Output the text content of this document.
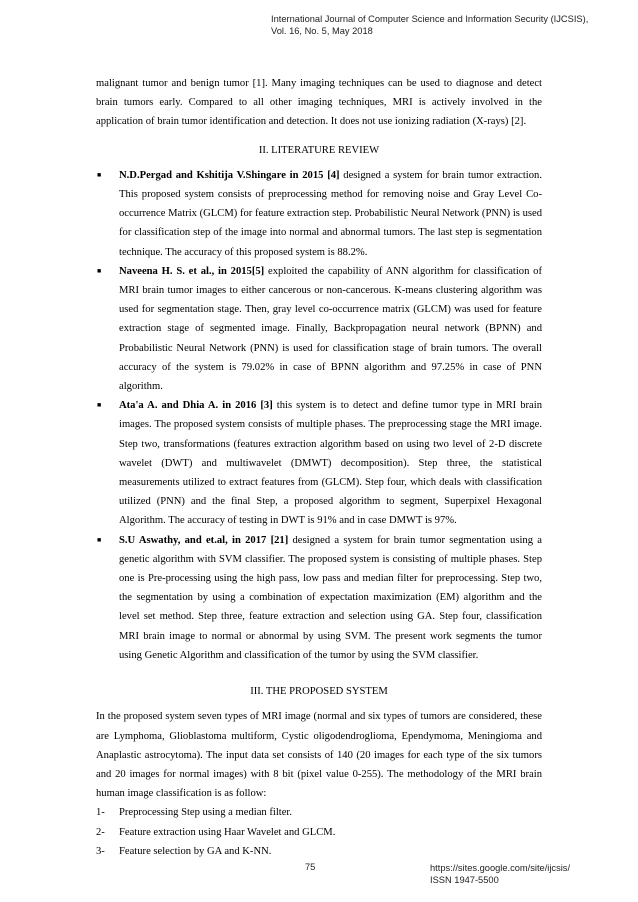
International Journal of Computer Science and Information Security (IJCSIS),
Vol. 16, No. 5, May 2018

malignant tumor and benign tumor [1]. Many imaging techniques can be used to diagnose and detect brain tumors early. Compared to all other imaging techniques, MRI is actively involved in the application of brain tumor identification and detection. It does not use ionizing radiation (X-rays) [2].

II. LITERATURE REVIEW
■ N.D.Pergad and Kshitija V.Shingare in 2015 [4] designed a system for brain tumor extraction. This proposed system consists of preprocessing method for removing noise and Gray Level Co-occurrence Matrix (GLCM) for feature extraction step. Probabilistic Neural Network (PNN) is used for classification step of the image into normal and abnormal tumors. The last step is segmentation technique. The accuracy of this proposed system is 88.2%.
■ Naveena H. S. et al., in 2015[5] exploited the capability of ANN algorithm for classification of MRI brain tumor images to either cancerous or non-cancerous. K-means clustering algorithm was used for segmentation stage. Then, gray level co-occurrence matrix (GLCM) was used for feature extraction stage of segmented image. Finally, Backpropagation neural network (BPNN) and Probabilistic Neural Network (PNN) is used for classification stage of brain tumors. The overall accuracy of the system is 79.02% in case of BPNN algorithm and 97.25% in case of PNN algorithm.
■ Ata'a A. and Dhia A. in 2016 [3] this system is to detect and define tumor type in MRI brain images. The proposed system consists of multiple phases. The preprocessing stage the MRI image. Step two, transformations (features extraction algorithm based on using two level of 2-D discrete wavelet (DWT) and multiwavelet (DMWT) decomposition). Step three, the statistical measurements utilized to extract features from (GLCM). Step four, which deals with classification utilized (PNN) and the final Step, a proposed algorithm to segment, Superpixel Hexagonal Algorithm. The accuracy of testing in DWT is 91% and in case DMWT is 97%.
■ S.U Aswathy, and et.al, in 2017 [21] designed a system for brain tumor segmentation using a genetic algorithm with SVM classifier. The proposed system is consisting of multiple phases. Step one is Pre-processing using the high pass, low pass and median filter for preprocessing. Step two, the segmentation by using a combination of expectation maximization (EM) algorithm and the level set method. Step three, feature extraction and selection using GA. Step four, classification MRI brain image to normal or abnormal by using SVM. The present work segments the tumor using Genetic Algorithm and classification of the tumor by using the SVM classifier.
III. THE PROPOSED SYSTEM

In the proposed system seven types of MRI image (normal and six types of tumors are considered, these are Lymphoma, Glioblastoma multiform, Cystic oligodendroglioma, Ependymoma, Meningioma and Anaplastic astrocytoma). The input data set consists of 140 (20 images for each type of the six tumors and 20 images for normal images) with 8 bit (pixel value 0-255). The methodology of the MRI brain human image classification is as follow:

1- Preprocessing Step using a median filter.
2- Feature extraction using Haar Wavelet and GLCM.
3- Feature selection by GA and K-NN.
75	https://sites.google.com/site/ijcsis/
ISSN 1947-5500
